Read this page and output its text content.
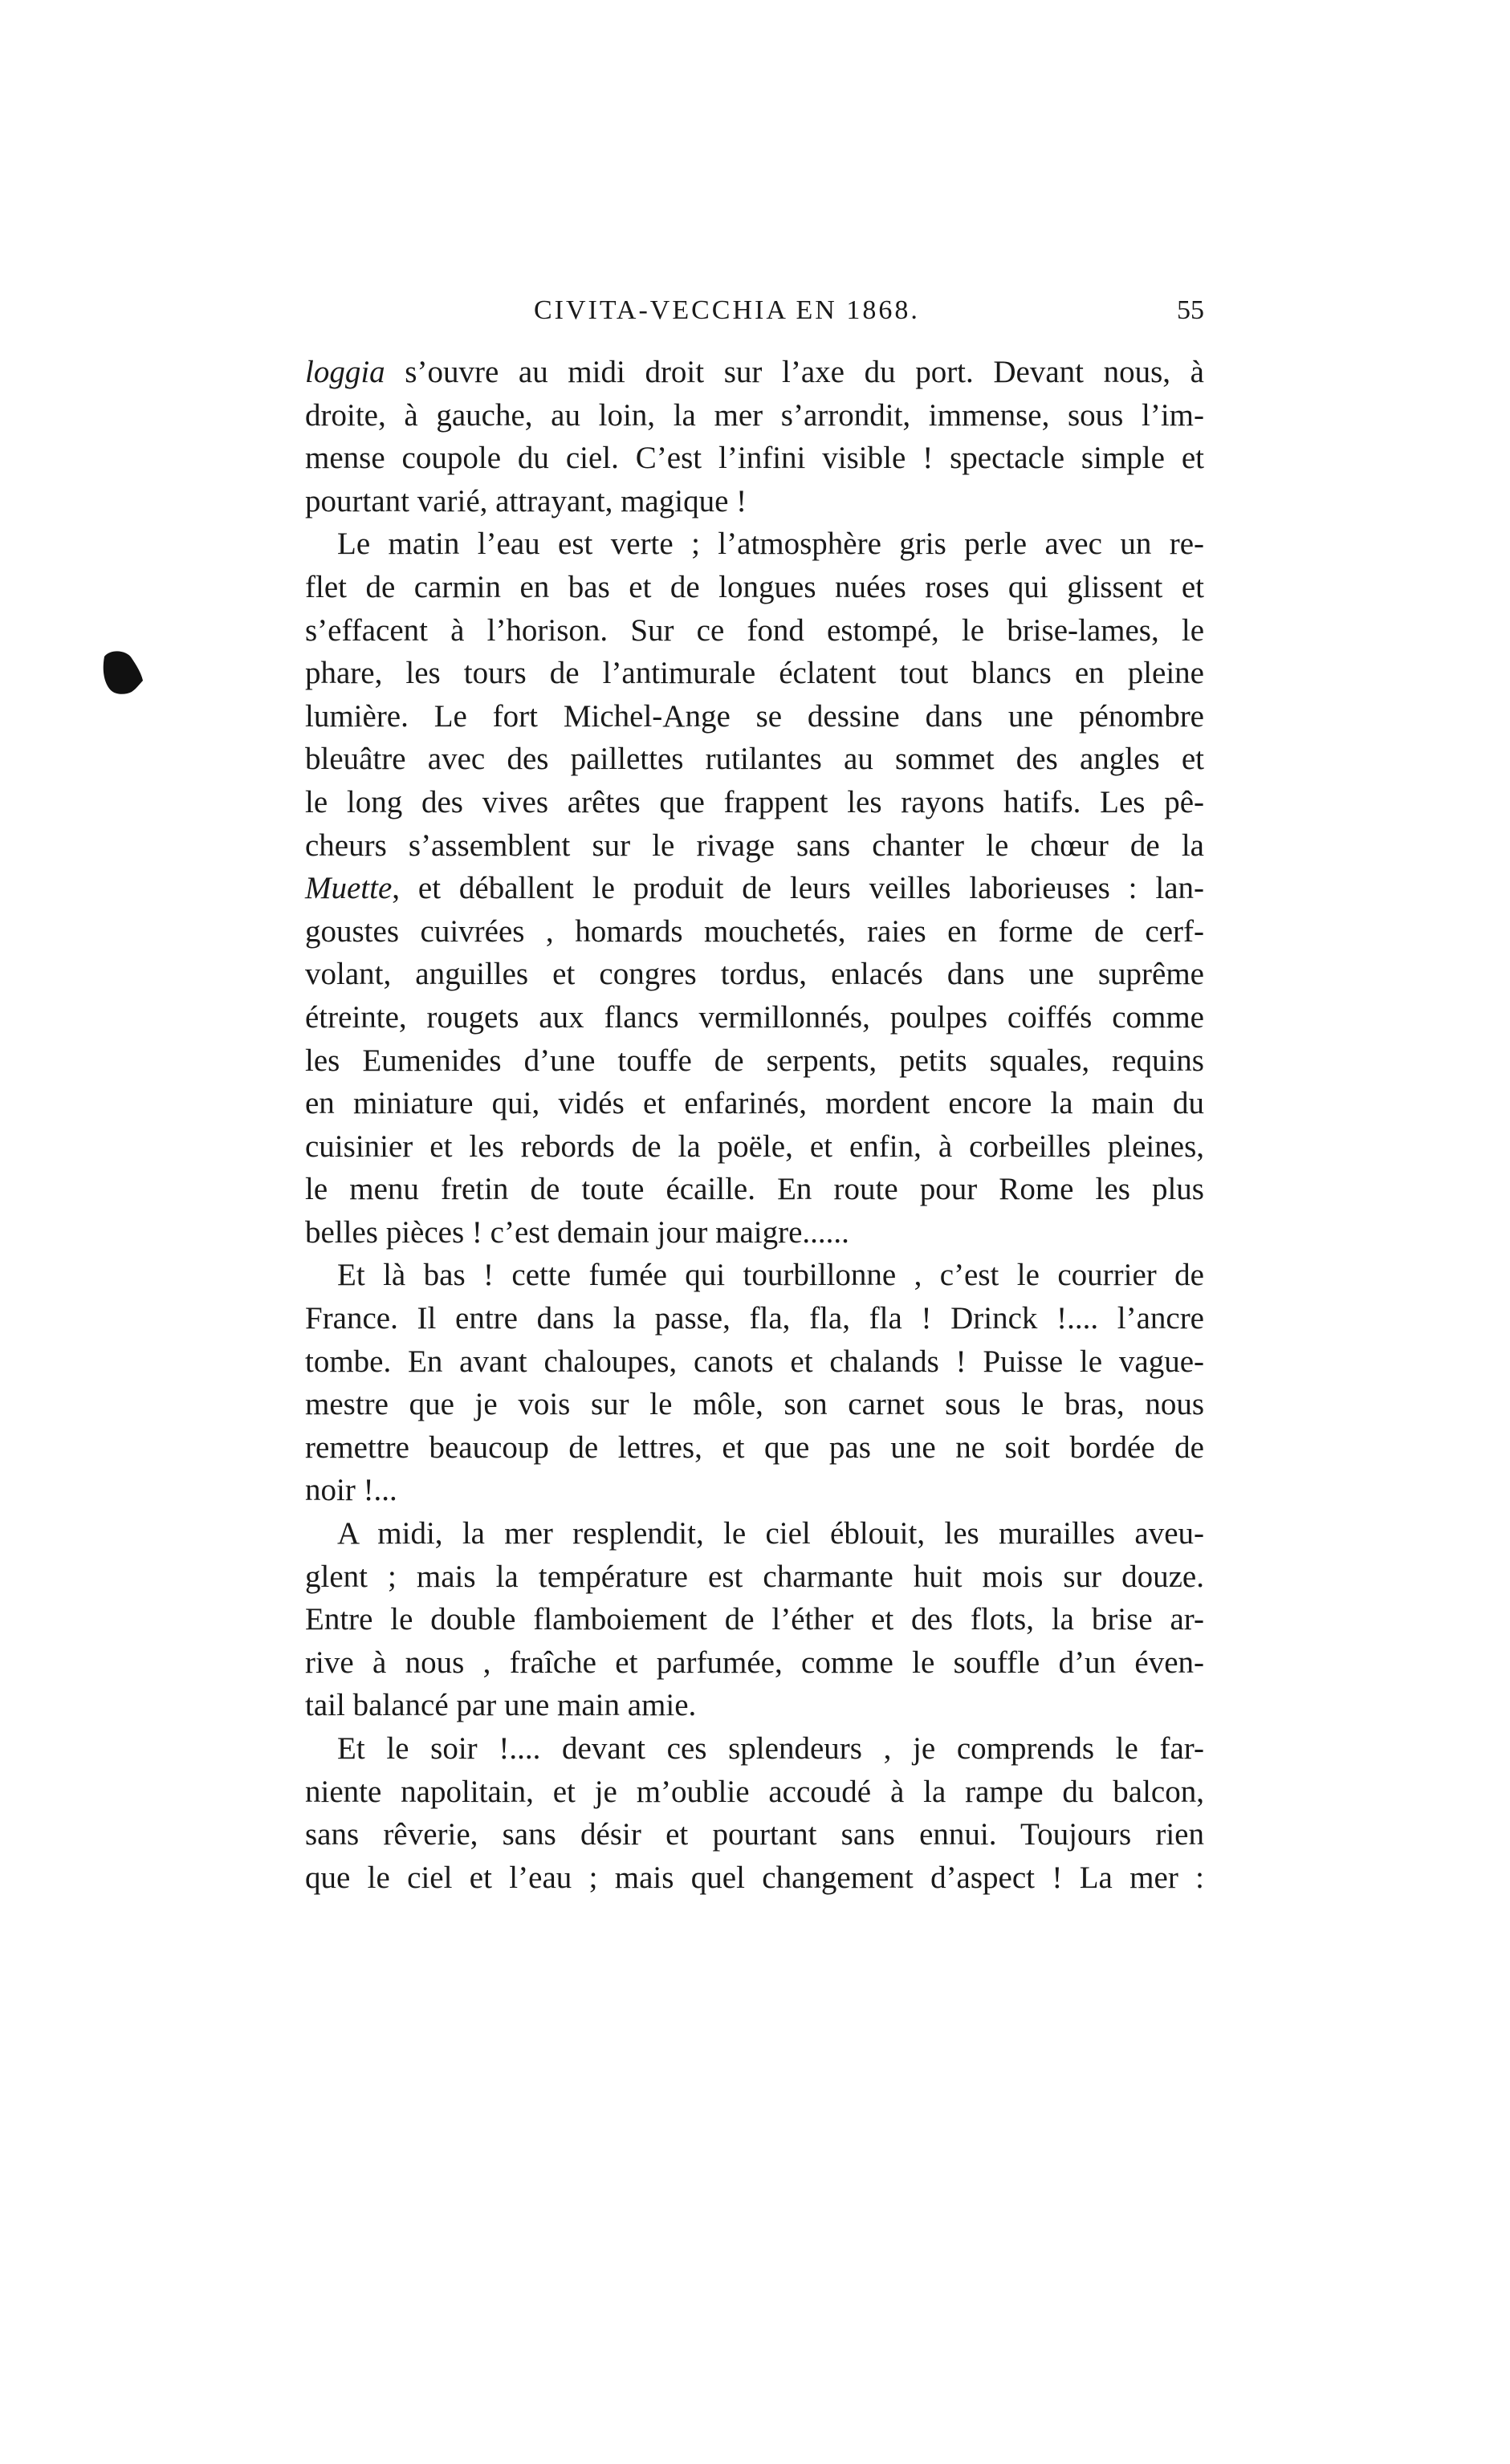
CIVITA-VECCHIA EN 1868.	55
loggia s’ouvre au midi droit sur l’axe du port. Devant nous, à
droite, à gauche, au loin, la mer s’arrondit, immense, sous l’im-
mense coupole du ciel. C’est l’infini visible ! spectacle simple et
pourtant varié, attrayant, magique !
Le matin l’eau est verte ; l’atmosphère gris perle avec un re-
flet de carmin en bas et de longues nuées roses qui glissent et
s’effacent à l’horison. Sur ce fond estompé, le brise-lames, le
phare, les tours de l’antimurale éclatent tout blancs en pleine
lumière. Le fort Michel-Ange se dessine dans une pénombre
bleuâtre avec des paillettes rutilantes au sommet des angles et
le long des vives arêtes que frappent les rayons hatifs. Les pê-
cheurs s’assemblent sur le rivage sans chanter le chœur de la
Muette, et déballent le produit de leurs veilles laborieuses : lan-
goustes cuivrées , homards mouchetés, raies en forme de cerf-
volant, anguilles et congres tordus, enlacés dans une suprême
étreinte, rougets aux flancs vermillonnés, poulpes coiffés comme
les Eumenides d’une touffe de serpents, petits squales, requins
en miniature qui, vidés et enfarinés, mordent encore la main du
cuisinier et les rebords de la poële, et enfin, à corbeilles pleines,
le menu fretin de toute écaille. En route pour Rome les plus
belles pièces ! c’est demain jour maigre......
Et là bas ! cette fumée qui tourbillonne , c’est le courrier de
France. Il entre dans la passe, fla, fla, fla ! Drinck !.... l’ancre
tombe. En avant chaloupes, canots et chalands ! Puisse le vague-
mestre que je vois sur le môle, son carnet sous le bras, nous
remettre beaucoup de lettres, et que pas une ne soit bordée de
noir !...
A midi, la mer resplendit, le ciel éblouit, les murailles aveu-
glent ; mais la température est charmante huit mois sur douze.
Entre le double flamboiement de l’éther et des flots, la brise ar-
rive à nous , fraîche et parfumée, comme le souffle d’un éven-
tail balancé par une main amie.
Et le soir !.... devant ces splendeurs , je comprends le far-
niente napolitain, et je m’oublie accoudé à la rampe du balcon,
sans rêverie, sans désir et pourtant sans ennui. Toujours rien
que le ciel et l’eau ; mais quel changement d’aspect ! La mer :
